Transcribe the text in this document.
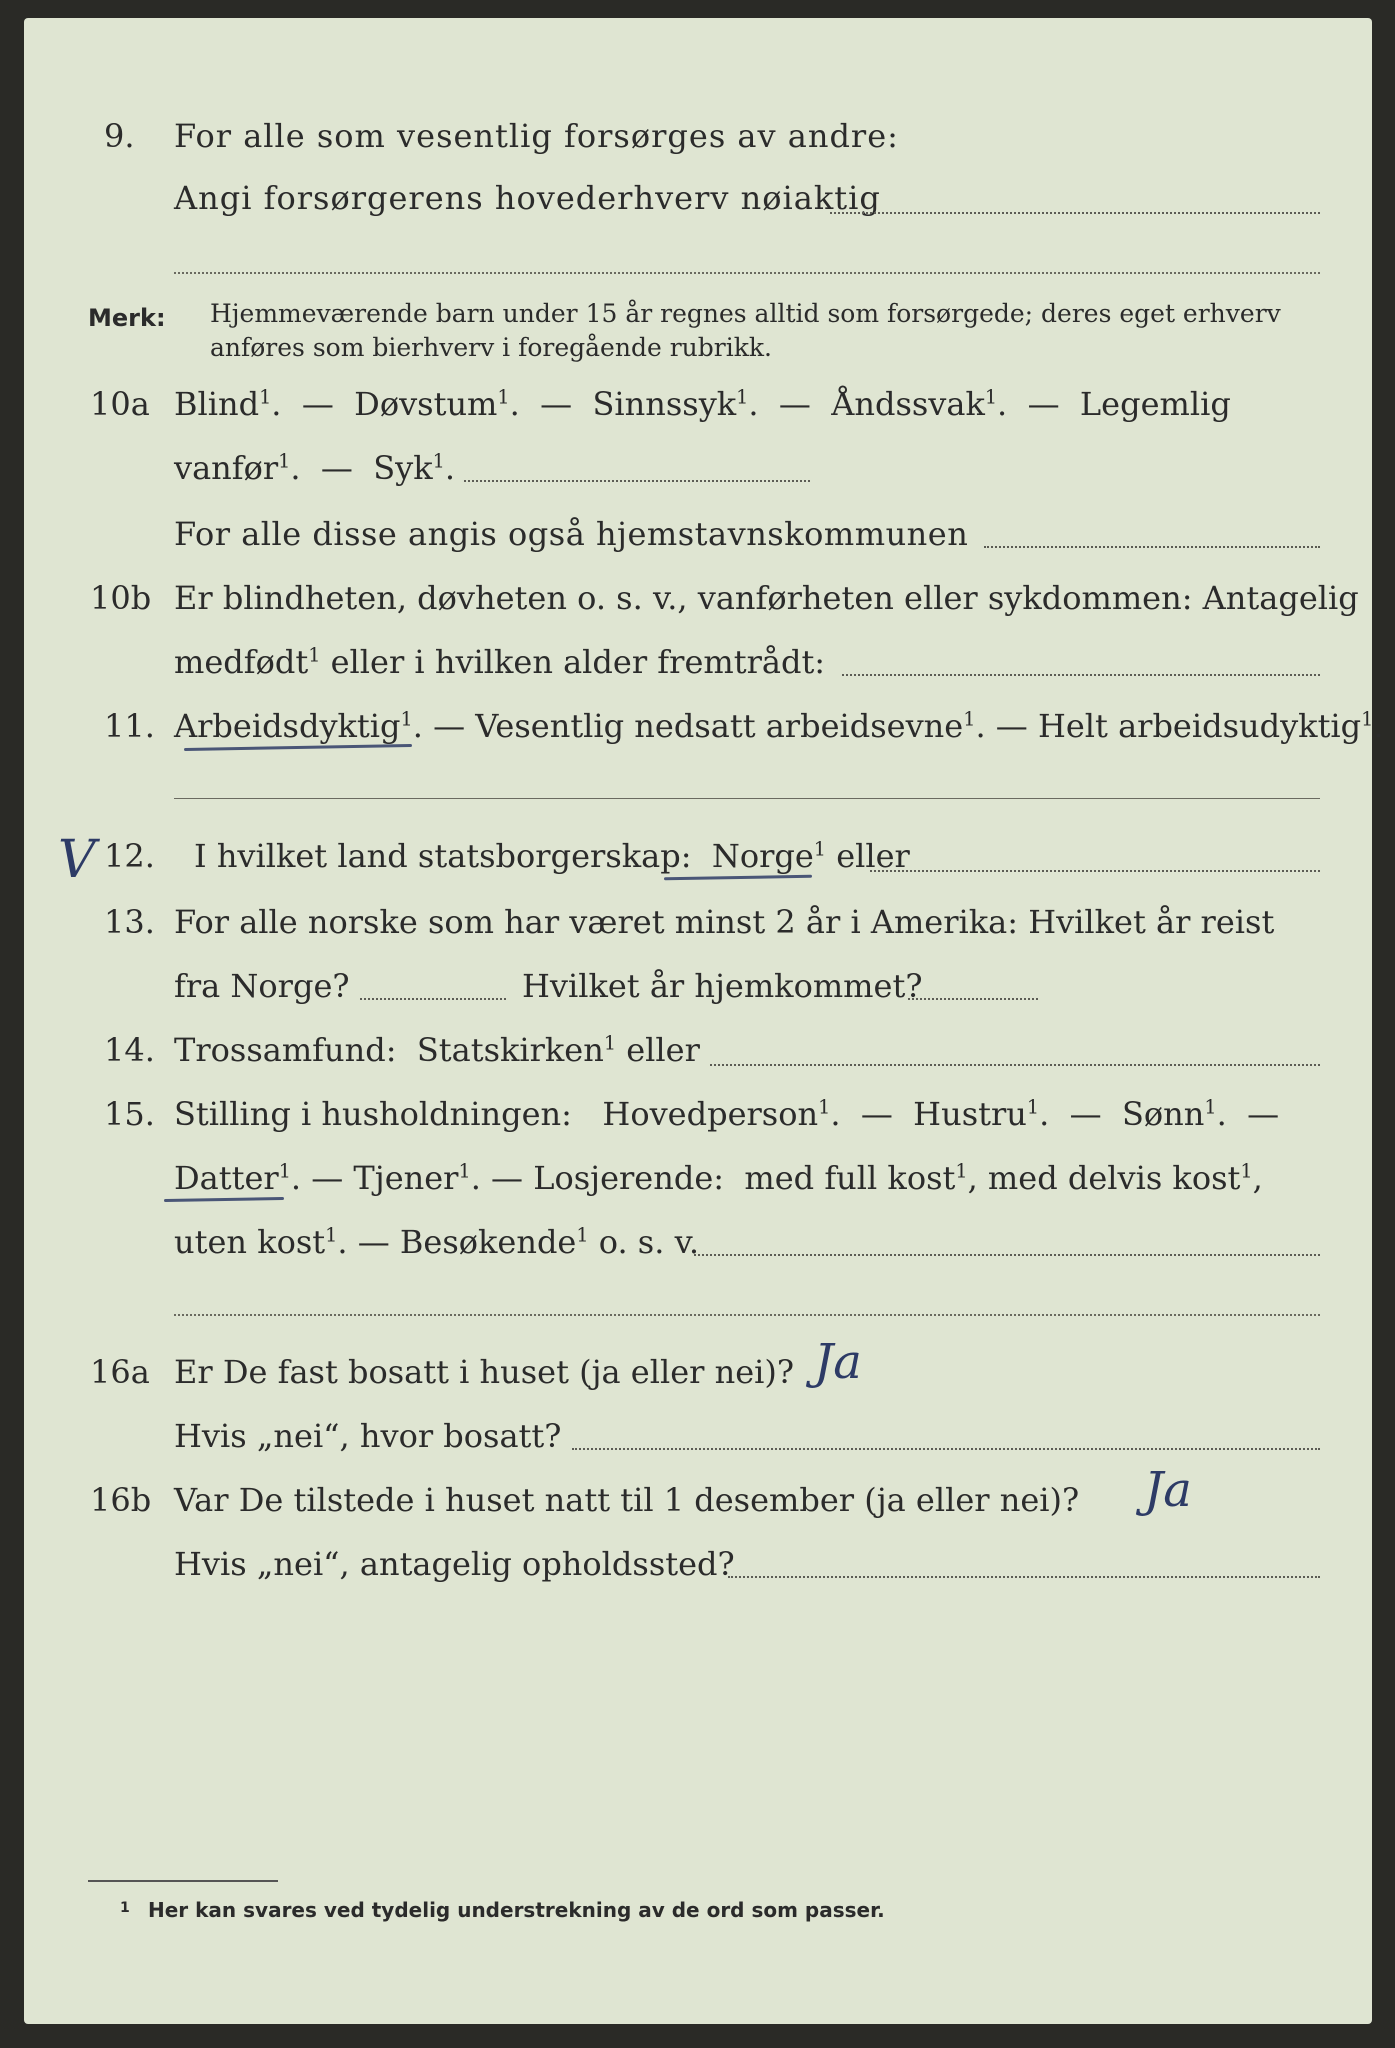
9. For alle som vesentlig forsørges av andre:
Angi forsørgerens hovederhverv nøiaktig
Merk: Hjemmeværende barn under 15 år regnes alltid som forsørgede; deres eget erhverv
anføres som bierhverv i foregående rubrikk.
10a Blind$^1$.  —  Døvstum$^1$.  —  Sinnssyk$^1$.  —  Åndssvak$^1$.  —  Legemlig
vanfør$^1$.  —  Syk$^1$.
For alle disse angis også hjemstavnskommunen
10b Er blindheten, døvheten o. s. v., vanførheten eller sykdommen: Antagelig
medfødt$^1$ eller i hvilken alder fremtrådt:
11. Arbeidsdyktig$^1$. — Vesentlig nedsatt arbeidsevne$^1$. — Helt arbeidsudyktig$^1$.
V 12. I hvilket land statsborgerskap: Norge$^1$ eller
13. For alle norske som har været minst 2 år i Amerika: Hvilket år reist
fra Norge?	Hvilket år hjemkommet?
14. Trossamfund: Statskirken$^1$ eller
15. Stilling i husholdningen: Hovedperson$^1$.  —  Hustru$^1$.  —  Sønn$^1$.  —
Datter$^1$. — Tjener$^1$. — Losjerende: med full kost$^1$, med delvis kost$^1$,
uten kost$^1$. — Besøkende$^1$ o. s. v.
16a Er De fast bosatt i huset (ja eller nei)? Ja
Hvis „nei“, hvor bosatt?
16b Var De tilstede i huset natt til 1 desember (ja eller nei)? Ja
Hvis „nei“, antagelig opholdssted?
1 Her kan svares ved tydelig understrekning av de ord som passer.
